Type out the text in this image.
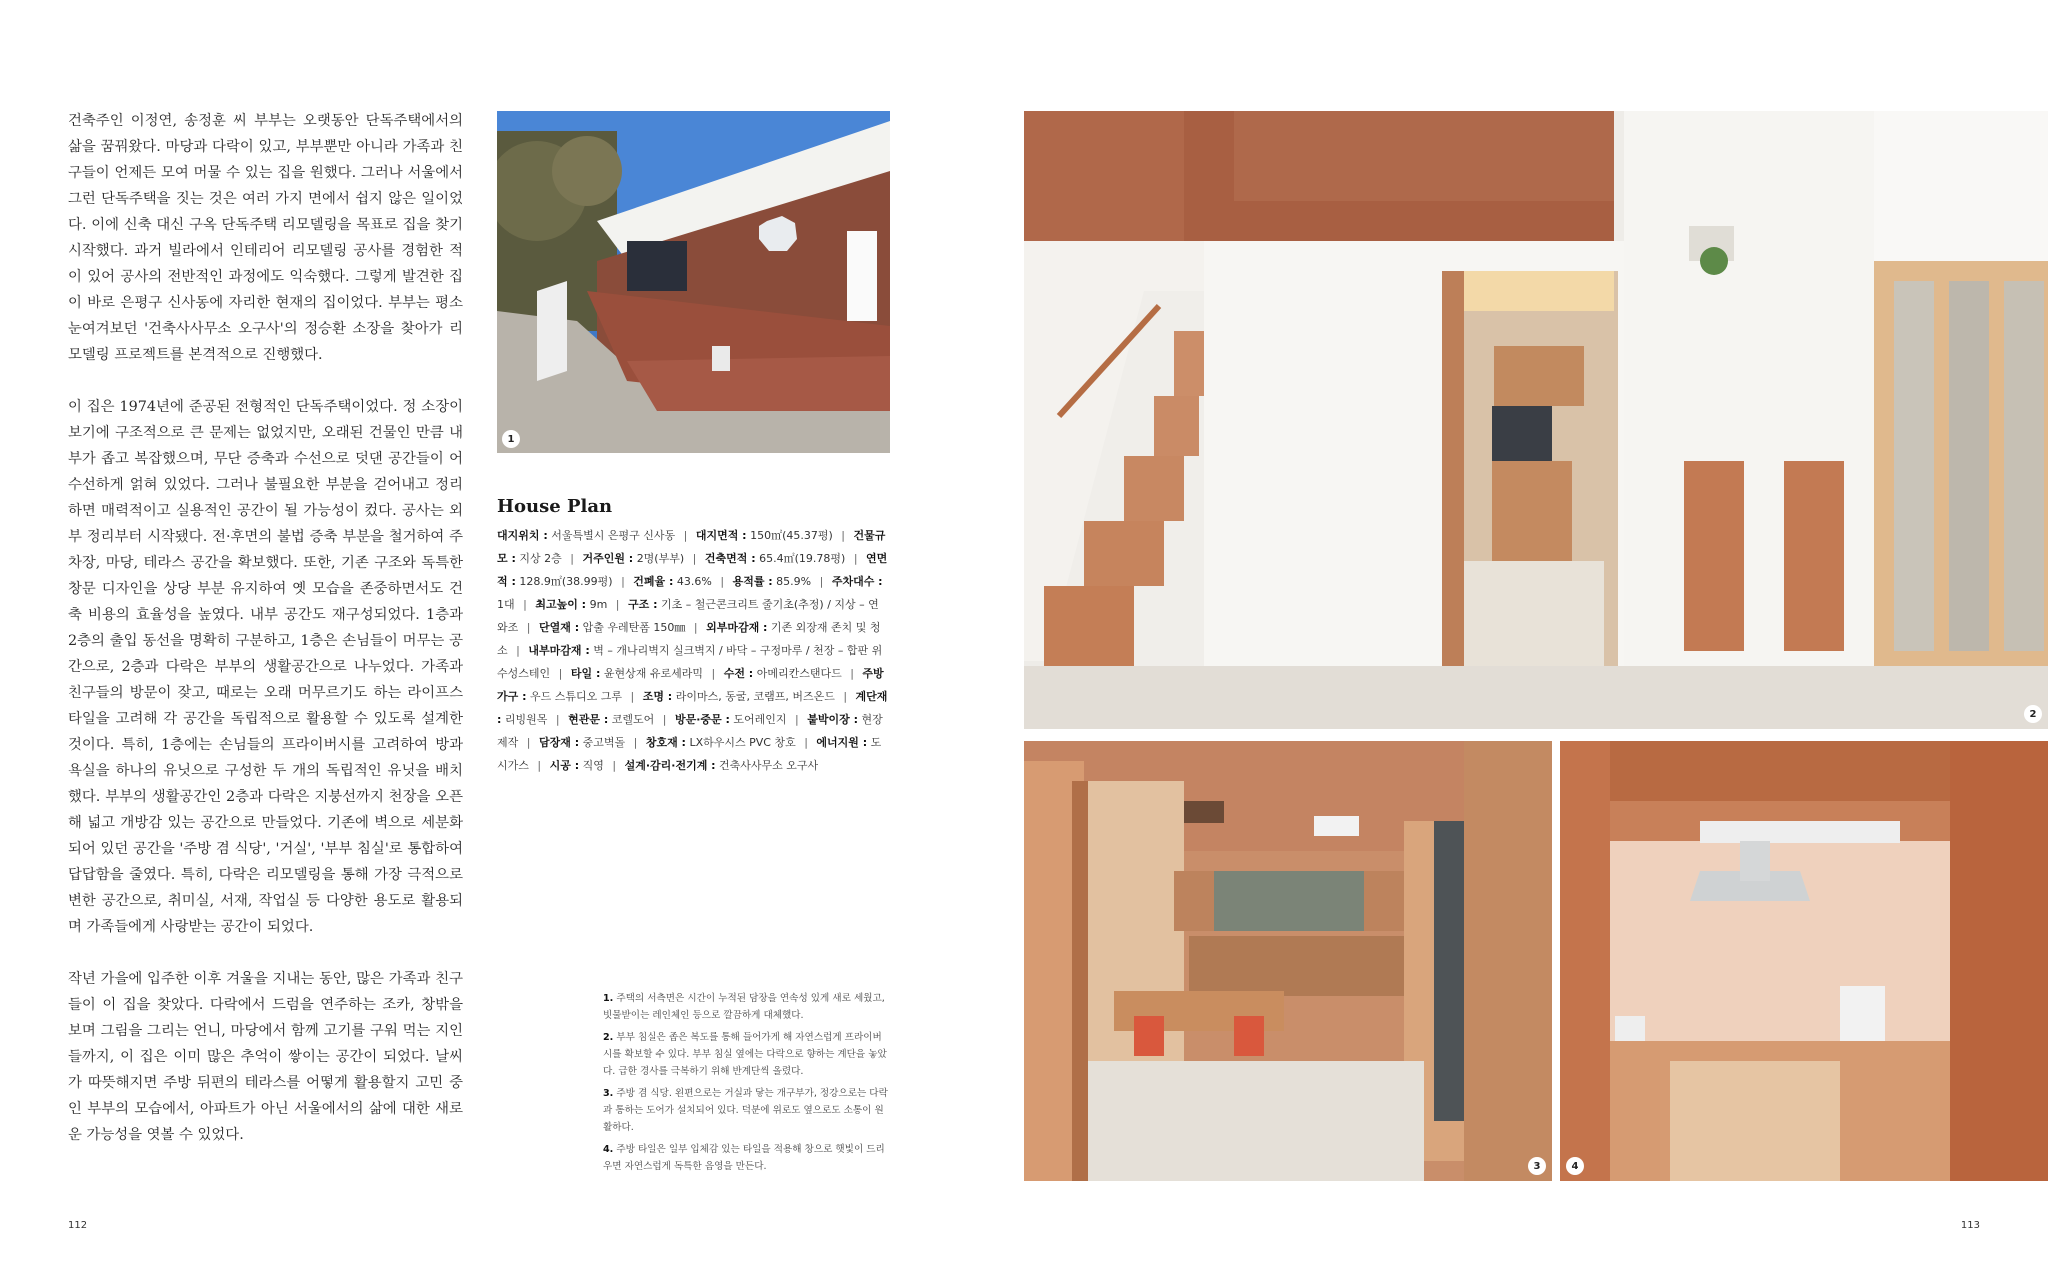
건축주인 이정연, 송정훈 씨 부부는 오랫동안 단독주택에서의 삶을 꿈꿔왔다. 마당과 다락이 있고, 부부뿐만 아니라 가족과 친구들이 언제든 모여 머물 수 있는 집을 원했다. 그러나 서울에서 그런 단독주택을 짓는 것은 여러 가지 면에서 쉽지 않은 일이었다. 이에 신축 대신 구옥 단독주택 리모델링을 목표로 집을 찾기 시작했다. 과거 빌라에서 인테리어 리모델링 공사를 경험한 적이 있어 공사의 전반적인 과정에도 익숙했다. 그렇게 발견한 집이 바로 은평구 신사동에 자리한 현재의 집이었다. 부부는 평소 눈여겨보던 '건축사사무소 오구사'의 정승환 소장을 찾아가 리모델링 프로젝트를 본격적으로 진행했다.

이 집은 1974년에 준공된 전형적인 단독주택이었다. 정 소장이 보기에 구조적으로 큰 문제는 없었지만, 오래된 건물인 만큼 내부가 좁고 복잡했으며, 무단 증축과 수선으로 덧댄 공간들이 어수선하게 얽혀 있었다. 그러나 불필요한 부분을 걷어내고 정리하면 매력적이고 실용적인 공간이 될 가능성이 컸다. 공사는 외부 정리부터 시작됐다. 전·후면의 불법 증축 부분을 철거하여 주차장, 마당, 테라스 공간을 확보했다. 또한, 기존 구조와 독특한 창문 디자인을 상당 부분 유지하여 옛 모습을 존중하면서도 건축 비용의 효율성을 높였다. 내부 공간도 재구성되었다. 1층과 2층의 출입 동선을 명확히 구분하고, 1층은 손님들이 머무는 공간으로, 2층과 다락은 부부의 생활공간으로 나누었다. 가족과 친구들의 방문이 잦고, 때로는 오래 머무르기도 하는 라이프스타일을 고려해 각 공간을 독립적으로 활용할 수 있도록 설계한 것이다. 특히, 1층에는 손님들의 프라이버시를 고려하여 방과 욕실을 하나의 유닛으로 구성한 두 개의 독립적인 유닛을 배치했다. 부부의 생활공간인 2층과 다락은 지붕선까지 천장을 오픈해 넓고 개방감 있는 공간으로 만들었다. 기존에 벽으로 세분화되어 있던 공간을 '주방 겸 식당', '거실', '부부 침실'로 통합하여 답답함을 줄였다. 특히, 다락은 리모델링을 통해 가장 극적으로 변한 공간으로, 취미실, 서재, 작업실 등 다양한 용도로 활용되며 가족들에게 사랑받는 공간이 되었다.

작년 가을에 입주한 이후 겨울을 지내는 동안, 많은 가족과 친구들이 이 집을 찾았다. 다락에서 드럼을 연주하는 조카, 창밖을 보며 그림을 그리는 언니, 마당에서 함께 고기를 구워 먹는 지인들까지, 이 집은 이미 많은 추억이 쌓이는 공간이 되었다. 날씨가 따뜻해지면 주방 뒤편의 테라스를 어떻게 활용할지 고민 중인 부부의 모습에서, 아파트가 아닌 서울에서의 삶에 대한 새로운 가능성을 엿볼 수 있었다.

1
House Plan
대지위치 : 서울특별시 은평구 신사동 | 대지면적 : 150㎡(45.37평) | 건물규모 : 지상 2층 | 거주인원 : 2명(부부) | 건축면적 : 65.4㎡(19.78평) | 연면적 : 128.9㎡(38.99평) | 건폐율 : 43.6% | 용적률 : 85.9% | 주차대수 : 1대 | 최고높이 : 9m | 구조 : 기초 – 철근콘크리트 줄기초(추정) / 지상 – 연와조 | 단열재 : 압출 우레탄폼 150㎜ | 외부마감재 : 기존 외장재 존치 및 청소 | 내부마감재 : 벽 – 개나리벽지 실크벽지 / 바닥 – 구정마루 / 천장 – 합판 위 수성스테인 | 타일 : 윤현상재 유로세라믹 | 수전 : 아메리칸스탠다드 | 주방 가구 : 우드 스튜디오 그루 | 조명 : 라이마스, 동굴, 코램프, 버즈온드 | 계단재 : 리빙원목 | 현관문 : 코렐도어 | 방문·중문 : 도어레인지 | 붙박이장 : 현장 제작 | 담장재 : 중고벽돌 | 창호재 : LX하우시스 PVC 창호 | 에너지원 : 도시가스 | 시공 : 직영 | 설계·감리·전기계 : 건축사사무소 오구사
1. 주택의 서측면은 시간이 누적된 담장을 연속성 있게 새로 세웠고, 빗물받이는 레인체인 등으로 깔끔하게 대체했다.
2. 부부 침실은 좁은 복도를 통해 들어가게 해 자연스럽게 프라이버시를 확보할 수 있다. 부부 침실 옆에는 다락으로 향하는 계단을 놓았다. 급한 경사를 극복하기 위해 반계단씩 올렸다.
3. 주방 겸 식당. 왼편으로는 거실과 닿는 개구부가, 정강으로는 다락과 통하는 도어가 설치되어 있다. 덕분에 위로도 옆으로도 소통이 원활하다.
4. 주방 타일은 일부 입체감 있는 타일을 적용해 창으로 햇빛이 드리우면 자연스럽게 독특한 음영을 만든다.
2
3	4
112	113
